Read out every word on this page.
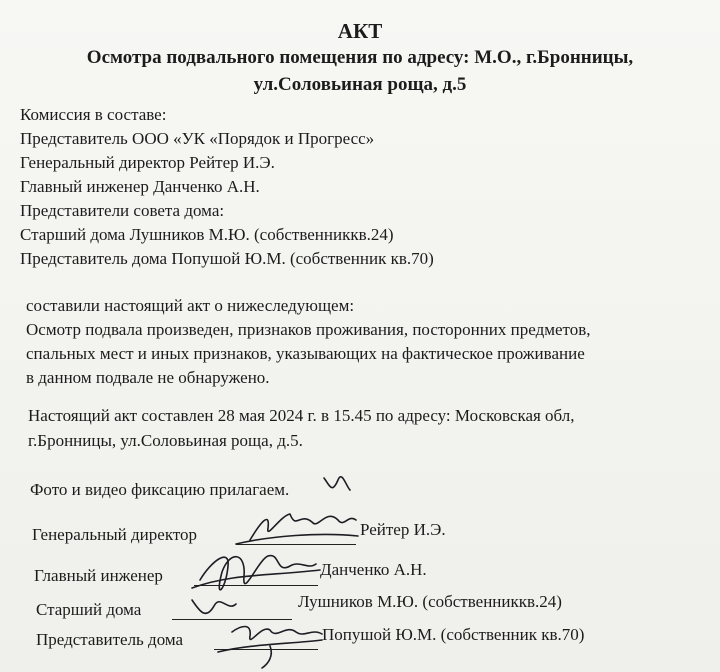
АКТ
Осмотра подвального помещения по адресу: М.О., г.Бронницы,
ул.Соловьиная роща, д.5
Комиссия в составе:
Представитель ООО «УК «Порядок и Прогресс»
Генеральный директор Рейтер И.Э.
Главный инженер Данченко А.Н.
Представители совета дома:
Старший дома Лушников М.Ю. (собственниккв.24)
Представитель дома Попушой Ю.М. (собственник кв.70)
составили настоящий акт о нижеследующем:
Осмотр подвала произведен, признаков проживания, посторонних предметов,
спальных мест и иных признаков, указывающих на фактическое проживание
в данном подвале не обнаружено.
Настоящий акт составлен 28 мая 2024 г. в 15.45 по адресу: Московская обл,
г.Бронницы, ул.Соловьиная роща, д.5.
Фото и видео фиксацию прилагаем.
Генеральный директор	Рейтер И.Э.
Главный инженер	Данченко А.Н.
Старший дома	Лушников М.Ю. (собственниккв.24)
Представитель дома	Попушой Ю.М. (собственник кв.70)
